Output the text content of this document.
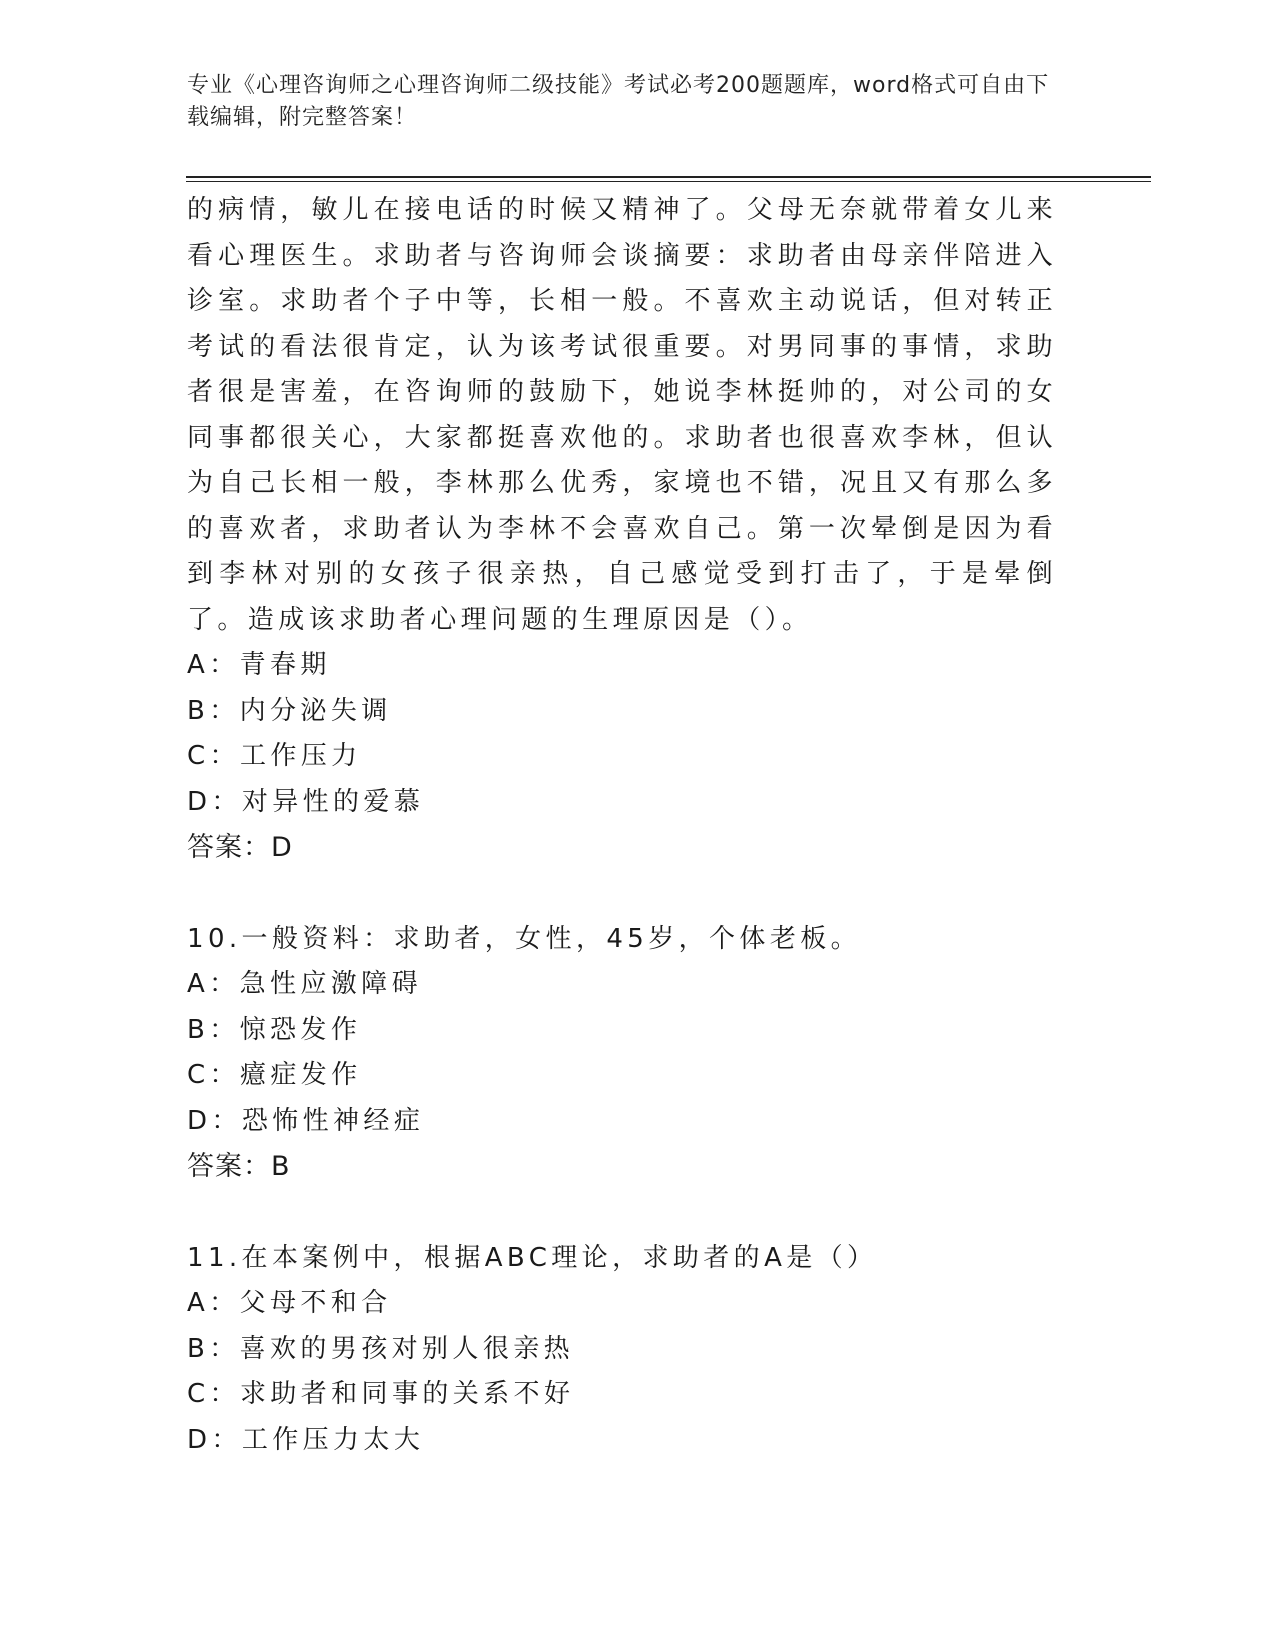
专业《心理咨询师之心理咨询师二级技能》考试必考200题题库，word格式可自由下载编辑，附完整答案！

的病情，敏儿在接电话的时候又精神了。父母无奈就带着女儿来看心理医生。求助者与咨询师会谈摘要：求助者由母亲伴陪进入诊室。求助者个子中等，长相一般。不喜欢主动说话，但对转正考试的看法很肯定，认为该考试很重要。对男同事的事情，求助者很是害羞，在咨询师的鼓励下，她说李林挺帅的，对公司的女同事都很关心，大家都挺喜欢他的。求助者也很喜欢李林，但认为自己长相一般，李林那么优秀，家境也不错，况且又有那么多的喜欢者，求助者认为李林不会喜欢自己。第一次晕倒是因为看到李林对别的女孩子很亲热，自己感觉受到打击了，于是晕倒了。造成该求助者心理问题的生理原因是（）。

A：青春期

B：内分泌失调

C：工作压力

D：对异性的爱慕

答案：D

10.一般资料：求助者，女性，45岁，个体老板。

A：急性应激障碍

B：惊恐发作

C：癔症发作

D：恐怖性神经症

答案：B

11.在本案例中，根据ABC理论，求助者的A是（）

A：父母不和合

B：喜欢的男孩对别人很亲热

C：求助者和同事的关系不好

D：工作压力太大
